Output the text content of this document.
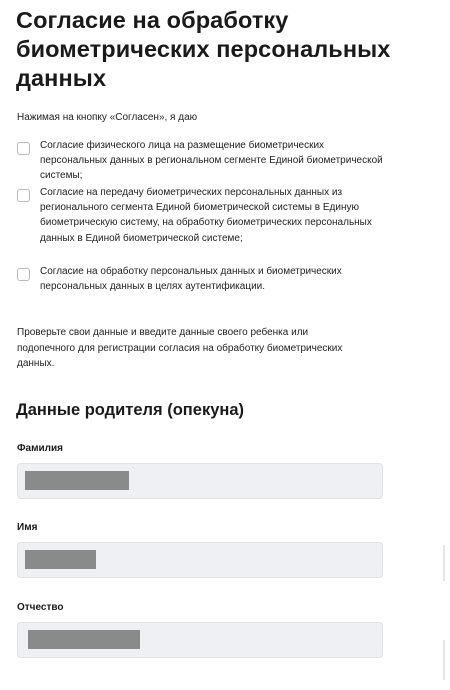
Согласие на обработку биометрических персональных данных
Нажимая на кнопку «Согласен», я даю
Согласие физического лица на размещение биометрических персональных данных в региональном сегменте Единой биометрической системы;
Согласие на передачу биометрических персональных данных из регионального сегмента Единой биометрической системы в Единую биометрическую систему, на обработку биометрических персональных данных в Единой биометрической системе;
Согласие на обработку персональных данных и биометрических персональных данных в целях аутентификации.
Проверьте свои данные и введите данные своего ребенка или подопечного для регистрации согласия на обработку биометрических данных.
Данные родителя (опекуна)
Фамилия
Имя
Отчество
